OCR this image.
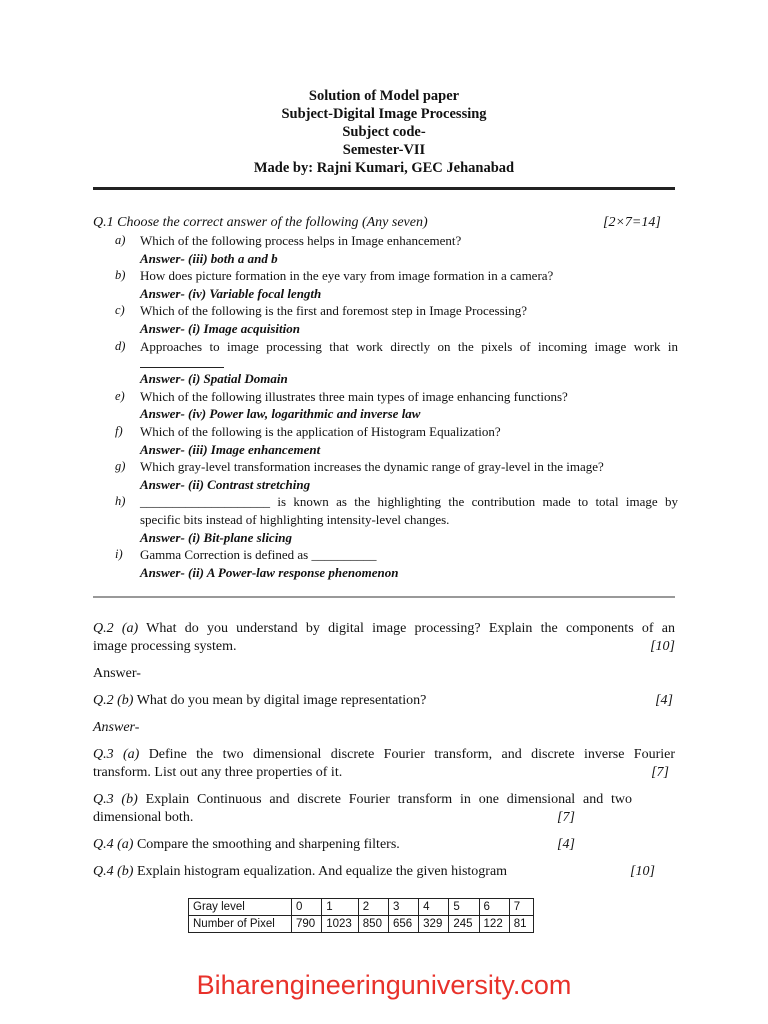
Solution of Model paper
Subject-Digital Image Processing
Subject code-
Semester-VII
Made by: Rajni Kumari, GEC Jehanabad
Q.1 Choose the correct answer of the following (Any seven)	[2×7=14]
a) Which of the following process helps in Image enhancement?
Answer- (iii) both a and b
b) How does picture formation in the eye vary from image formation in a camera?
Answer- (iv) Variable focal length
c) Which of the following is the first and foremost step in Image Processing?
Answer- (i) Image acquisition
d) Approaches to image processing that work directly on the pixels of incoming image work in
Answer- (i) Spatial Domain
e) Which of the following illustrates three main types of image enhancing functions?
Answer- (iv) Power law, logarithmic and inverse law
f) Which of the following is the application of Histogram Equalization?
Answer- (iii) Image enhancement
g) Which gray-level transformation increases the dynamic range of gray-level in the image?
Answer- (ii) Contrast stretching
h) ____________________ is known as the highlighting the contribution made to total image by
specific bits instead of highlighting intensity-level changes.
Answer- (i) Bit-plane slicing
i) Gamma Correction is defined as __________
Answer- (ii) A Power-law response phenomenon
Q.2 (a) What do you understand by digital image processing? Explain the components of an
image processing system.	[10]
Answer-
Q.2 (b) What do you mean by digital image representation?	[4]
Answer-
Q.3 (a) Define the two dimensional discrete Fourier transform, and discrete inverse Fourier
transform. List out any three properties of it.	[7]
Q.3 (b) Explain Continuous and discrete Fourier transform in one dimensional and two
dimensional both.	[7]
Q.4 (a) Compare the smoothing and sharpening filters.	[4]
Q.4 (b) Explain histogram equalization. And equalize the given histogram	[10]
Gray level	0	1	2	3	4	5	6	7
Number of Pixel	790	1023	850	656	329	245	122	81
Biharengineeringuniversity.com
